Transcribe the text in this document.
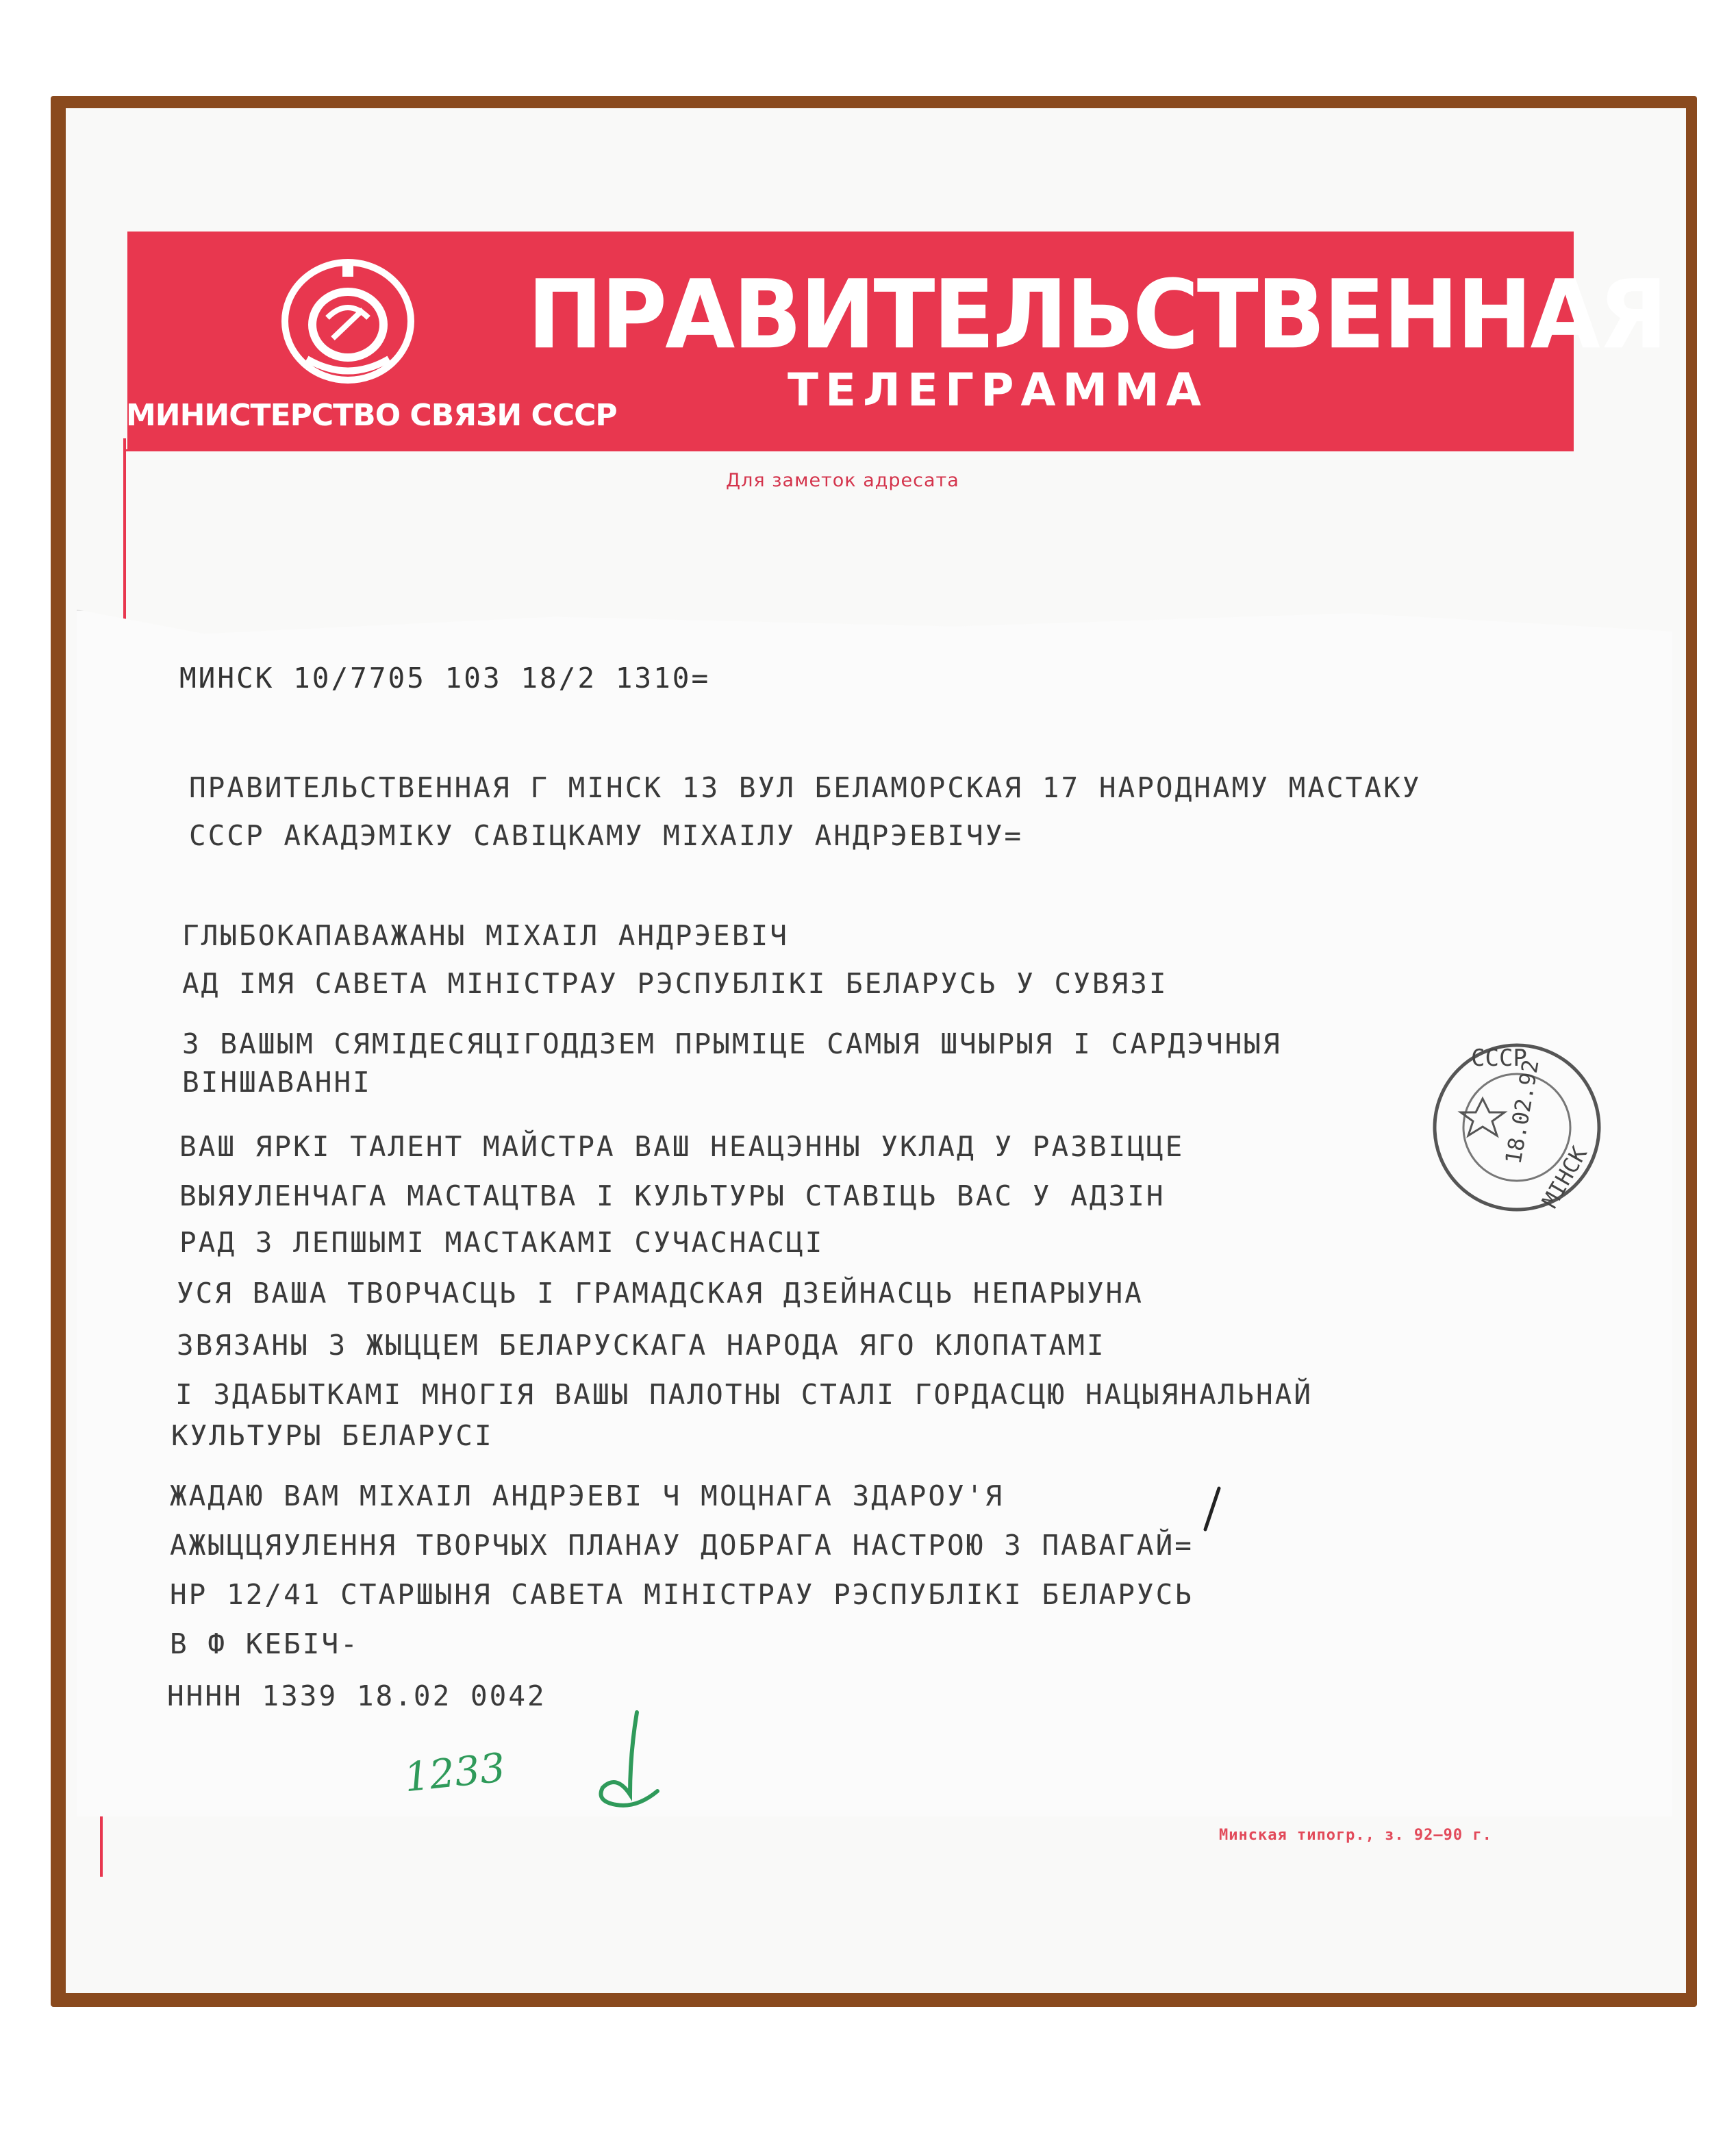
МИНИСТЕРСТВО СВЯЗИ СССР
ПРАВИТЕЛЬСТВЕННАЯ
ТЕЛЕГРАММА
Для заметок адресата
МИНСК 10/7705 103 18/2 1310=
ПРАВИТЕЛЬСТВЕННАЯ Г МІНСК 13 ВУЛ БЕЛАМОРСКАЯ 17 НАРОДНАМУ МАСТАКУ
СССР АКАДЭМІКУ САВІЦКАМУ МІХАІЛУ АНДРЭЕВІЧУ=
ГЛЫБОКАПАВАЖАНЫ МІХАІЛ АНДРЭЕВІЧ
АД ІМЯ САВЕТА МІНІСТРАУ РЭСПУБЛІКІ БЕЛАРУСЬ У СУВЯЗІ
З ВАШЫМ СЯМІДЕСЯЦІГОДДЗЕМ ПРЫМІЦЕ САМЫЯ ШЧЫРЫЯ І САРДЭЧНЫЯ
ВІНШАВАННІ
ВАШ ЯРКІ ТАЛЕНТ МАЙСТРА ВАШ НЕАЦЭННЫ УКЛАД У РАЗВІЦЦЕ
ВЫЯУЛЕНЧАГА МАСТАЦТВА І КУЛЬТУРЫ СТАВІЦЬ ВАС У АДЗІН
РАД З ЛЕПШЫМІ МАСТАКАМІ СУЧАСНАСЦІ
УСЯ ВАША ТВОРЧАСЦЬ І ГРАМАДСКАЯ ДЗЕЙНАСЦЬ НЕПАРЫУНА
ЗВЯЗАНЫ З ЖЫЦЦЕМ БЕЛАРУСКАГА НАРОДА ЯГО КЛОПАТАМІ
І ЗДАБЫТКАМІ МНОГІЯ ВАШЫ ПАЛОТНЫ СТАЛІ ГОРДАСЦЮ НАЦЫЯНАЛЬНАЙ
КУЛЬТУРЫ БЕЛАРУСІ
ЖАДАЮ ВАМ МІХАІЛ АНДРЭЕВІ Ч МОЦНАГА ЗДАРОУ'Я
АЖЫЦЦЯУЛЕННЯ ТВОРЧЫХ ПЛАНАУ ДОБРАГА НАСТРОЮ З ПАВАГАЙ=
НР 12/41 СТАРШЫНЯ САВЕТА МІНІСТРАУ РЭСПУБЛІКІ БЕЛАРУСЬ
В Ф КЕБІЧ-
НННН 1339 18.02 0042
СССР
18.02.92
МІНСК
1233
Минская типогр., з. 92—90 г.
